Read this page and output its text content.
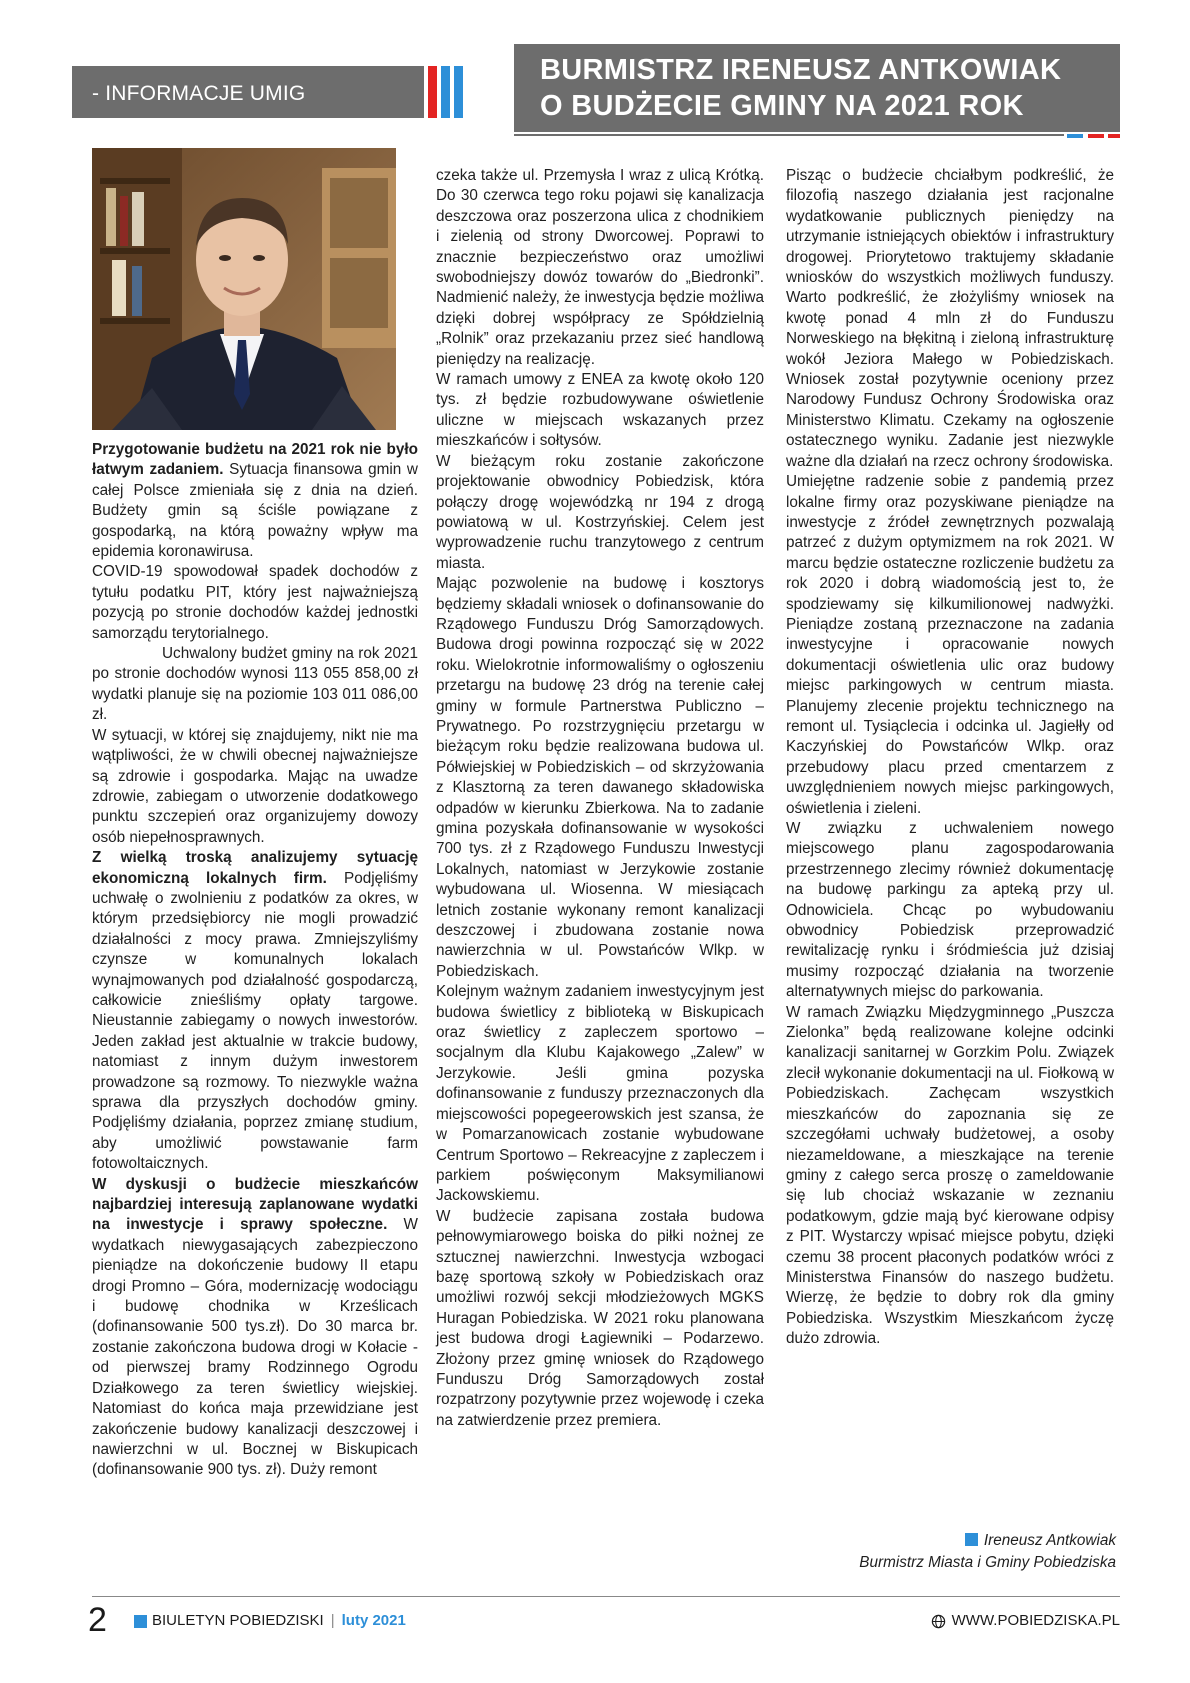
- INFORMACJE UMIG
BURMISTRZ IRENEUSZ ANTKOWIAK
O BUDŻECIE GMINY NA 2021 ROK

Przygotowanie budżetu na 2021 rok nie było łatwym zadaniem. Sytuacja finansowa gmin w całej Polsce zmieniała się z dnia na dzień. Budżety gmin są ściśle powiązane z gospodarką, na którą poważny wpływ ma epidemia koronawirusa.

COVID-19 spowodował spadek dochodów z tytułu podatku PIT, który jest najważniejszą pozycją po stronie dochodów każdej jednostki samorządu terytorialnego.

Uchwalony budżet gminy na rok 2021 po stronie dochodów wynosi 113 055 858,00 zł wydatki planuje się na poziomie 103 011 086,00 zł.

W sytuacji, w której się znajdujemy, nikt nie ma wątpliwości, że w chwili obecnej najważniejsze są zdrowie i gospodarka. Mając na uwadze zdrowie, zabiegam o utworzenie dodatkowego punktu szczepień oraz organizujemy dowozy osób niepełnosprawnych.

Z wielką troską analizujemy sytuację ekonomiczną lokalnych firm. Podjęliśmy uchwałę o zwolnieniu z podatków za okres, w którym przedsiębiorcy nie mogli prowadzić działalności z mocy prawa. Zmniejszyliśmy czynsze w komunalnych lokalach wynajmowanych pod działalność gospodarczą, całkowicie znieśliśmy opłaty targowe. Nieustannie zabiegamy o nowych inwestorów. Jeden zakład jest aktualnie w trakcie budowy, natomiast z innym dużym inwestorem prowadzone są rozmowy. To niezwykle ważna sprawa dla przyszłych dochodów gminy. Podjęliśmy działania, poprzez zmianę studium, aby umożliwić powstawanie farm fotowoltaicznych.

W dyskusji o budżecie mieszkańców najbardziej interesują zaplanowane wydatki na inwestycje i sprawy społeczne. W wydatkach niewygasających zabezpieczono pieniądze na dokończenie budowy II etapu drogi Promno – Góra, modernizację wodociągu i budowę chodnika w Krześlicach (dofinansowanie 500 tys.zł). Do 30 marca br. zostanie zakończona budowa drogi w Kołacie - od pierwszej bramy Rodzinnego Ogrodu Działkowego za teren świetlicy wiejskiej. Natomiast do końca maja przewidziane jest zakończenie budowy kanalizacji deszczowej i nawierzchni w ul. Bocznej w Biskupicach (dofinansowanie 900 tys. zł). Duży remont

czeka także ul. Przemysła I wraz z ulicą Krótką. Do 30 czerwca tego roku pojawi się kanalizacja deszczowa oraz poszerzona ulica z chodnikiem i zielenią od strony Dworcowej. Poprawi to znacznie bezpieczeństwo oraz umożliwi swobodniejszy dowóz towarów do „Biedronki”. Nadmienić należy, że inwestycja będzie możliwa dzięki dobrej współpracy ze Spółdzielnią „Rolnik” oraz przekazaniu przez sieć handlową pieniędzy na realizację.

W ramach umowy z ENEA za kwotę około 120 tys. zł będzie rozbudowywane oświetlenie uliczne w miejscach wskazanych przez mieszkańców i sołtysów.

W bieżącym roku zostanie zakończone projektowanie obwodnicy Pobiedzisk, która połączy drogę wojewódzką nr 194 z drogą powiatową w ul. Kostrzyńskiej. Celem jest wyprowadzenie ruchu tranzytowego z centrum miasta.

Mając pozwolenie na budowę i kosztorys będziemy składali wniosek o dofinansowanie do Rządowego Funduszu Dróg Samorządowych. Budowa drogi powinna rozpocząć się w 2022 roku. Wielokrotnie informowaliśmy o ogłoszeniu przetargu na budowę 23 dróg na terenie całej gminy w formule Partnerstwa Publiczno – Prywatnego. Po rozstrzygnięciu przetargu w bieżącym roku będzie realizowana budowa ul. Półwiejskiej w Pobiedziskich – od skrzyżowania z Klasztorną za teren dawanego składowiska odpadów w kierunku Zbierkowa. Na to zadanie gmina pozyskała dofinansowanie w wysokości 700 tys. zł z Rządowego Funduszu Inwestycji Lokalnych, natomiast w Jerzykowie zostanie wybudowana ul. Wiosenna. W miesiącach letnich zostanie wykonany remont kanalizacji deszczowej i zbudowana zostanie nowa nawierzchnia w ul. Powstańców Wlkp. w Pobiedziskach.

Kolejnym ważnym zadaniem inwestycyjnym jest budowa świetlicy z biblioteką w Biskupicach oraz świetlicy z zapleczem sportowo – socjalnym dla Klubu Kajakowego „Zalew” w Jerzykowie. Jeśli gmina pozyska dofinansowanie z funduszy przeznaczonych dla miejscowości popegeerowskich jest szansa, że w Pomarzanowicach zostanie wybudowane Centrum Sportowo – Rekreacyjne z zapleczem i parkiem poświęconym Maksymilianowi Jackowskiemu.

W budżecie zapisana została budowa pełnowymiarowego boiska do piłki nożnej ze sztucznej nawierzchni. Inwestycja wzbogaci bazę sportową szkoły w Pobiedziskach oraz umożliwi rozwój sekcji młodzieżowych MGKS Huragan Pobiedziska. W 2021 roku planowana jest budowa drogi Łagiewniki – Podarzewo. Złożony przez gminę wniosek do Rządowego Funduszu Dróg Samorządowych został rozpatrzony pozytywnie przez wojewodę i czeka na zatwierdzenie przez premiera.

Pisząc o budżecie chciałbym podkreślić, że filozofią naszego działania jest racjonalne wydatkowanie publicznych pieniędzy na utrzymanie istniejących obiektów i infrastruktury drogowej. Priorytetowo traktujemy składanie wniosków do wszystkich możliwych funduszy. Warto podkreślić, że złożyliśmy wniosek na kwotę ponad 4 mln zł do Funduszu Norweskiego na błękitną i zieloną infrastrukturę wokół Jeziora Małego w Pobiedziskach. Wniosek został pozytywnie oceniony przez Narodowy Fundusz Ochrony Środowiska oraz Ministerstwo Klimatu. Czekamy na ogłoszenie ostatecznego wyniku. Zadanie jest niezwykle ważne dla działań na rzecz ochrony środowiska.

Umiejętne radzenie sobie z pandemią przez lokalne firmy oraz pozyskiwane pieniądze na inwestycje z źródeł zewnętrznych pozwalają patrzeć z dużym optymizmem na rok 2021. W marcu będzie ostateczne rozliczenie budżetu za rok 2020 i dobrą wiadomością jest to, że spodziewamy się kilkumilionowej nadwyżki. Pieniądze zostaną przeznaczone na zadania inwestycyjne i opracowanie nowych dokumentacji oświetlenia ulic oraz budowy miejsc parkingowych w centrum miasta. Planujemy zlecenie projektu technicznego na remont ul. Tysiąclecia i odcinka ul. Jagiełły od Kaczyńskiej do Powstańców Wlkp. oraz przebudowy placu przed cmentarzem z uwzględnieniem nowych miejsc parkingowych, oświetlenia i zieleni.

W związku z uchwaleniem nowego miejscowego planu zagospodarowania przestrzennego zlecimy również dokumentację na budowę parkingu za apteką przy ul. Odnowiciela. Chcąc po wybudowaniu obwodnicy Pobiedzisk przeprowadzić rewitalizację rynku i śródmieścia już dzisiaj musimy rozpocząć działania na tworzenie alternatywnych miejsc do parkowania.

W ramach Związku Międzygminnego „Puszcza Zielonka” będą realizowane kolejne odcinki kanalizacji sanitarnej w Gorzkim Polu. Związek zlecił wykonanie dokumentacji na ul. Fiołkową w Pobiedziskach. Zachęcam wszystkich mieszkańców do zapoznania się ze szczegółami uchwały budżetowej, a osoby niezameldowane, a mieszkające na terenie gminy z całego serca proszę o zameldowanie się lub chociaż wskazanie w zeznaniu podatkowym, gdzie mają być kierowane odpisy z PIT. Wystarczy wpisać miejsce pobytu, dzięki czemu 38 procent płaconych podatków wróci z Ministerstwa Finansów do naszego budżetu. Wierzę, że będzie to dobry rok dla gminy Pobiedziska. Wszystkim Mieszkańcom życzę dużo zdrowia.

Ireneusz Antkowiak
Burmistrz Miasta i Gminy Pobiedziska
2	BIULETYN POBIEDZISKI | luty 2021	WWW.POBIEDZISKA.PL
